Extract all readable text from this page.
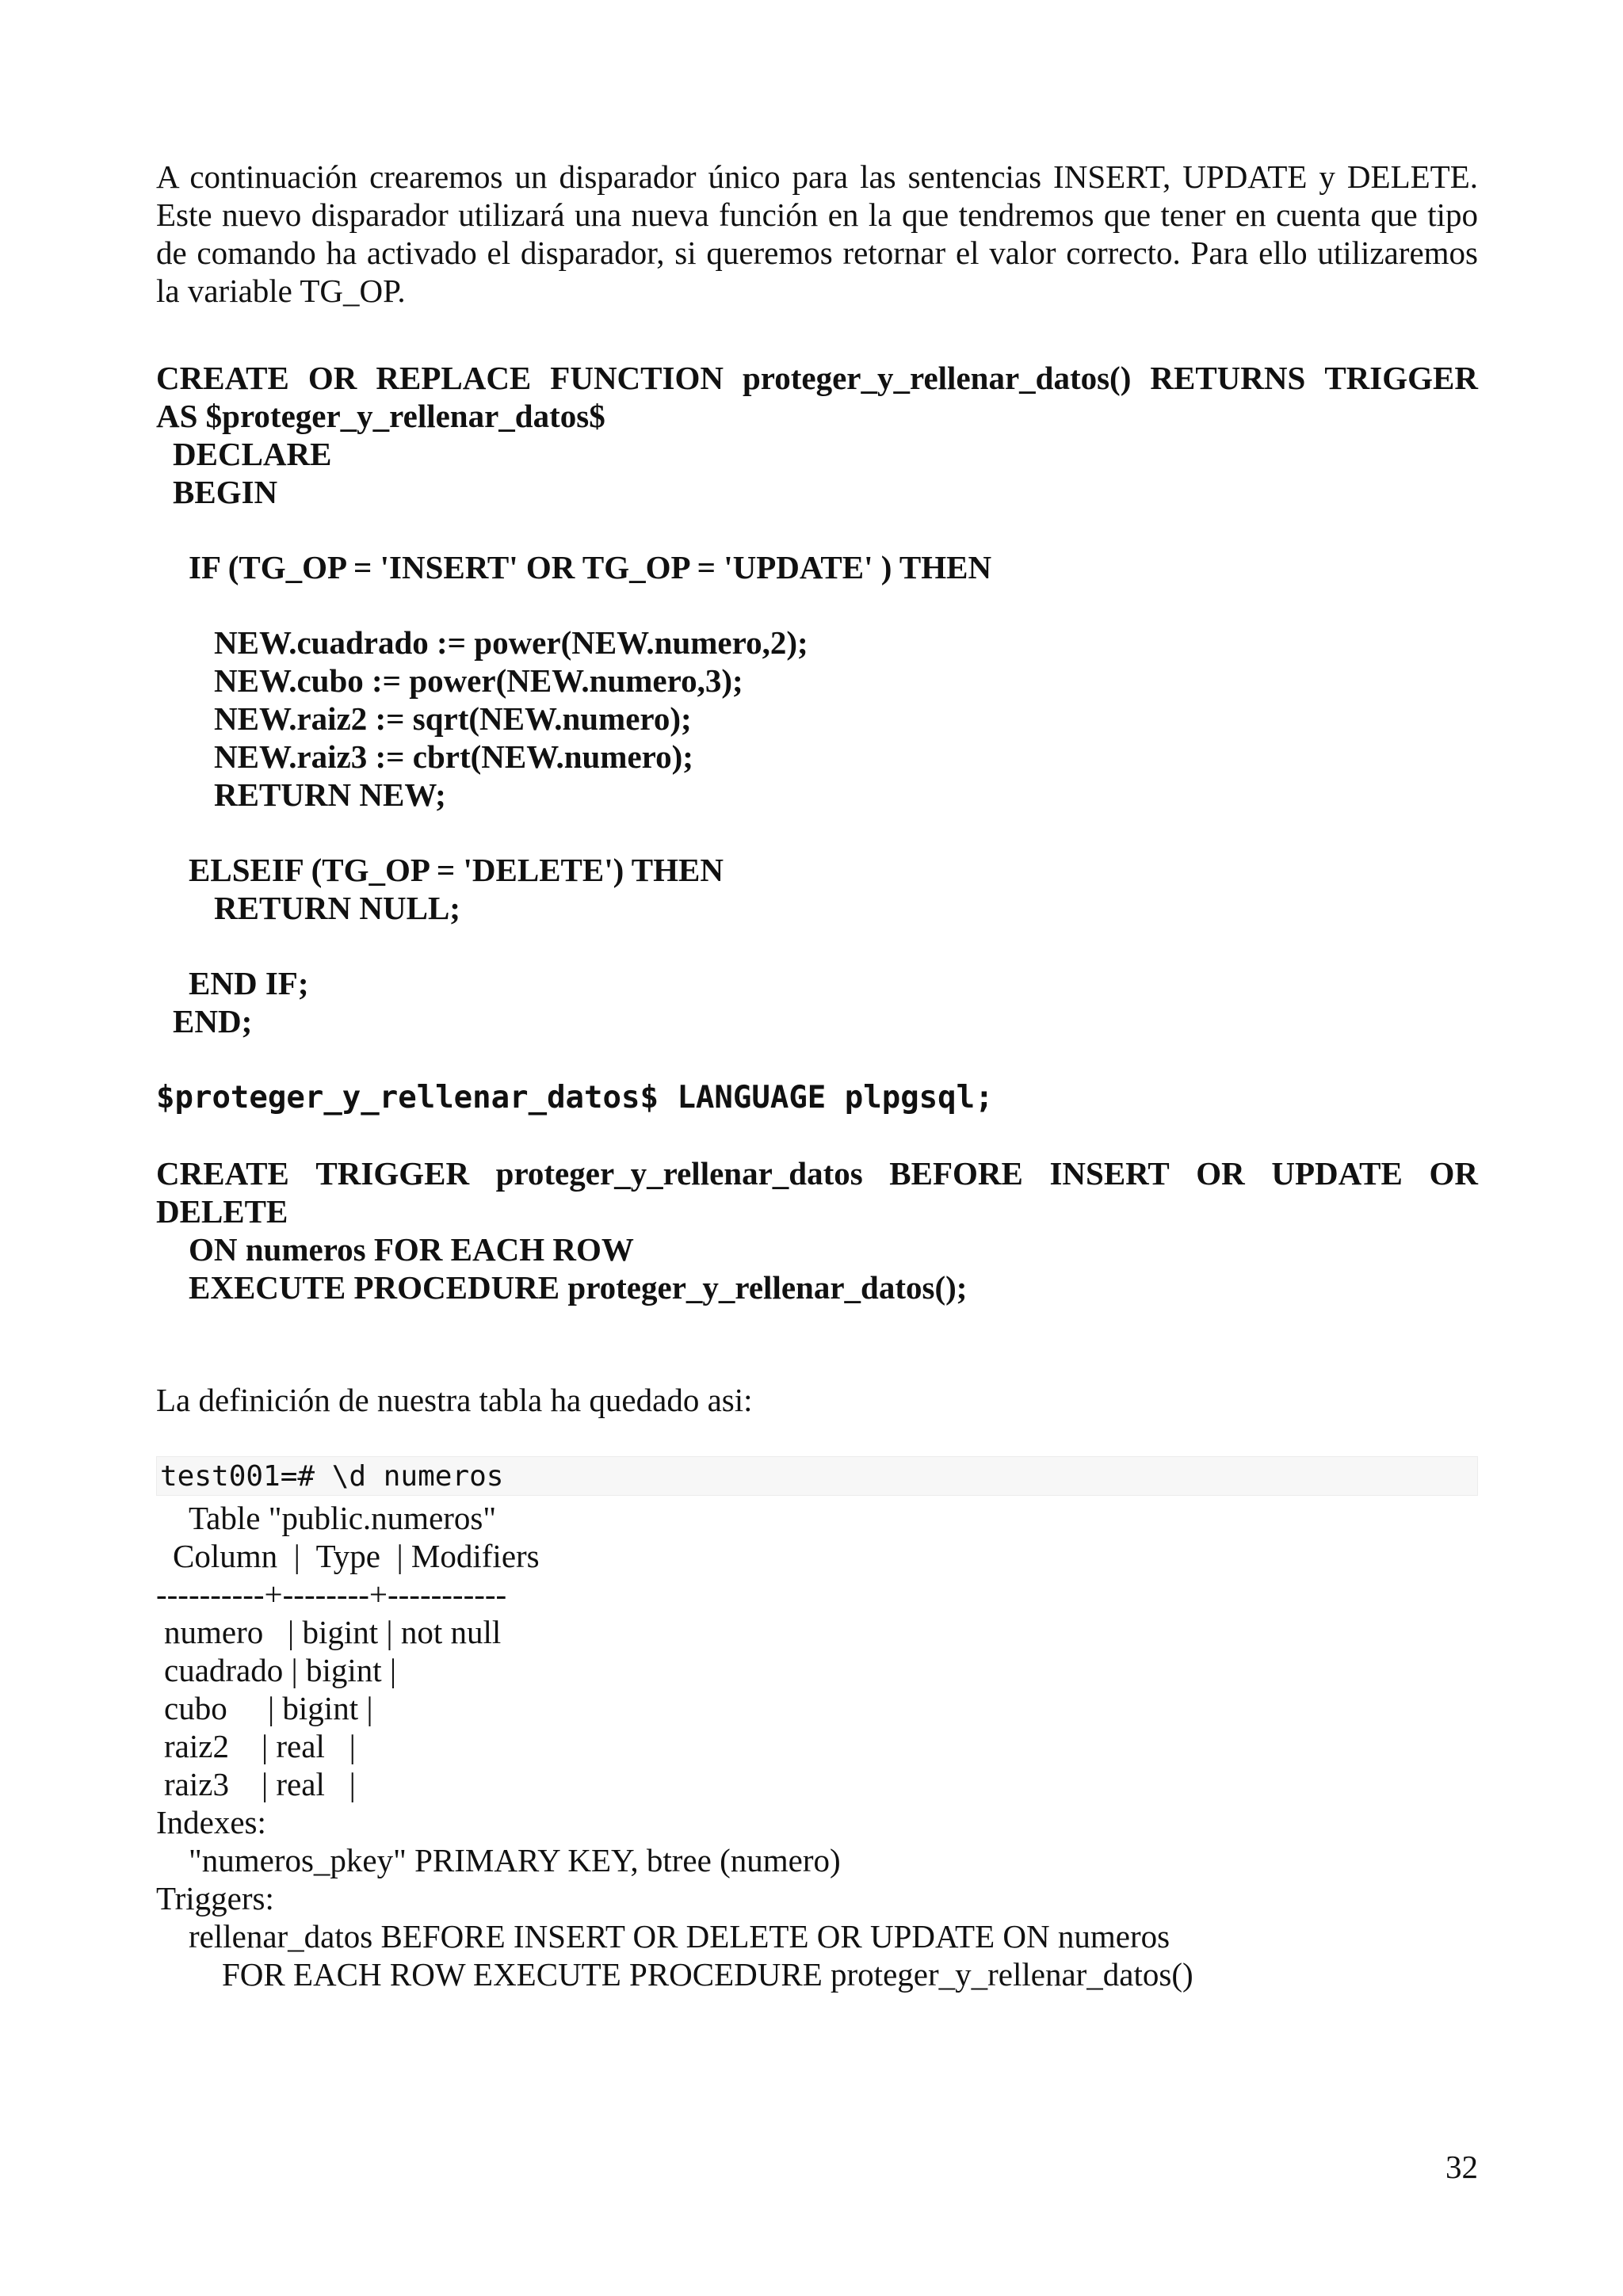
A continuación crearemos un disparador único para las sentencias INSERT, UPDATE y DELETE. Este nuevo disparador utilizará una nueva función en la que tendremos que tener en cuenta que tipo de comando ha activado el disparador, si queremos retornar el valor correcto. Para ello utilizaremos la variable TG_OP.

CREATE OR REPLACE FUNCTION proteger_y_rellenar_datos() RETURNS TRIGGER

AS $proteger_y_rellenar_datos$

DECLARE

BEGIN

IF (TG_OP = 'INSERT' OR TG_OP = 'UPDATE' ) THEN

NEW.cuadrado := power(NEW.numero,2);

NEW.cubo := power(NEW.numero,3);

NEW.raiz2 := sqrt(NEW.numero);

NEW.raiz3 := cbrt(NEW.numero);

RETURN NEW;

ELSEIF (TG_OP = 'DELETE') THEN

RETURN NULL;

END IF;

END;

$proteger_y_rellenar_datos$ LANGUAGE plpgsql;

CREATE TRIGGER proteger_y_rellenar_datos BEFORE INSERT OR UPDATE OR

DELETE

ON numeros FOR EACH ROW

EXECUTE PROCEDURE proteger_y_rellenar_datos();

La definición de nuestra tabla ha quedado asi:

test001=# \d numeros

Table "public.numeros"

Column  |  Type  | Modifiers

----------+--------+-----------

numero   | bigint | not null

cuadrado | bigint |

cubo     | bigint |

raiz2    | real   |

raiz3    | real   |

Indexes:

"numeros_pkey" PRIMARY KEY, btree (numero)

Triggers:

rellenar_datos BEFORE INSERT OR DELETE OR UPDATE ON numeros

FOR EACH ROW EXECUTE PROCEDURE proteger_y_rellenar_datos()

32
